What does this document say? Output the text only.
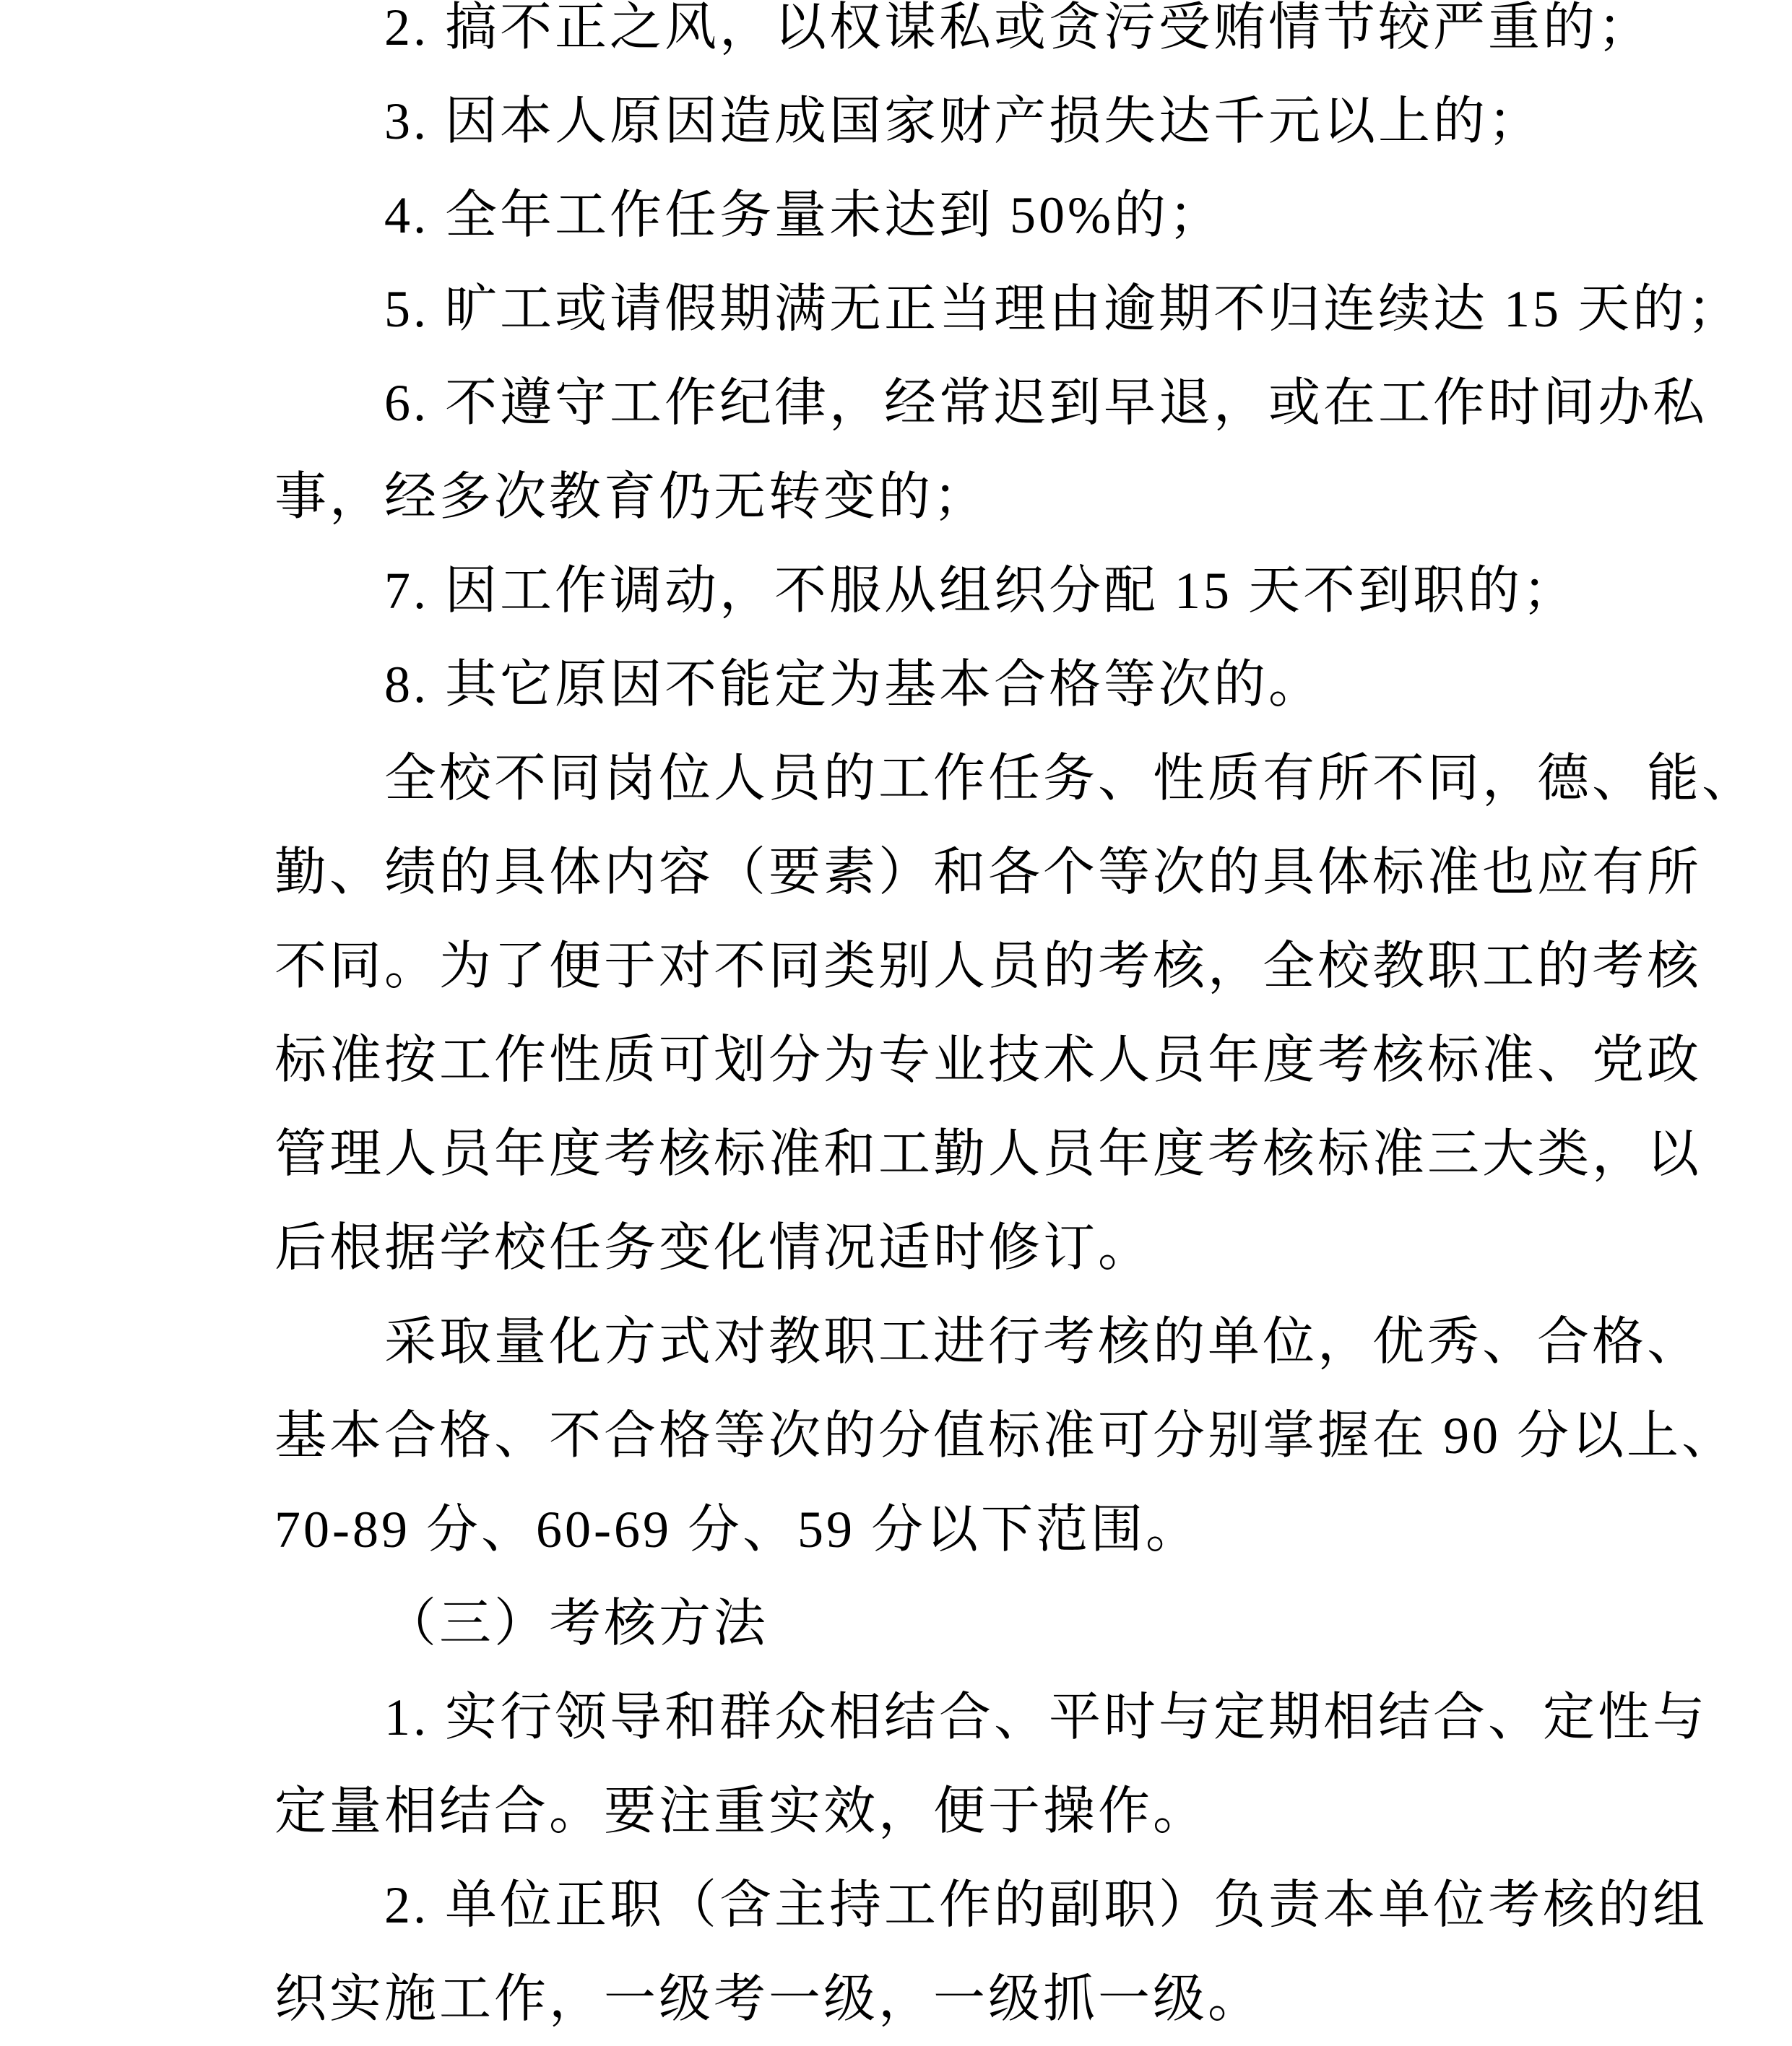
2. 搞不正之风，以权谋私或贪污受贿情节较严重的；
3. 因本人原因造成国家财产损失达千元以上的；
4. 全年工作任务量未达到 50%的；
5. 旷工或请假期满无正当理由逾期不归连续达 15 天的；
6. 不遵守工作纪律，经常迟到早退，或在工作时间办私
事，经多次教育仍无转变的；
7. 因工作调动，不服从组织分配 15 天不到职的；
8. 其它原因不能定为基本合格等次的。
全校不同岗位人员的工作任务、性质有所不同，德、能、
勤、绩的具体内容（要素）和各个等次的具体标准也应有所
不同。为了便于对不同类别人员的考核，全校教职工的考核
标准按工作性质可划分为专业技术人员年度考核标准、党政
管理人员年度考核标准和工勤人员年度考核标准三大类，以
后根据学校任务变化情况适时修订。
采取量化方式对教职工进行考核的单位，优秀、合格、
基本合格、不合格等次的分值标准可分别掌握在 90 分以上、
70-89 分、60-69 分、59 分以下范围。
（三）考核方法
1. 实行领导和群众相结合、平时与定期相结合、定性与
定量相结合。要注重实效，便于操作。
2. 单位正职（含主持工作的副职）负责本单位考核的组
织实施工作，一级考一级，一级抓一级。
